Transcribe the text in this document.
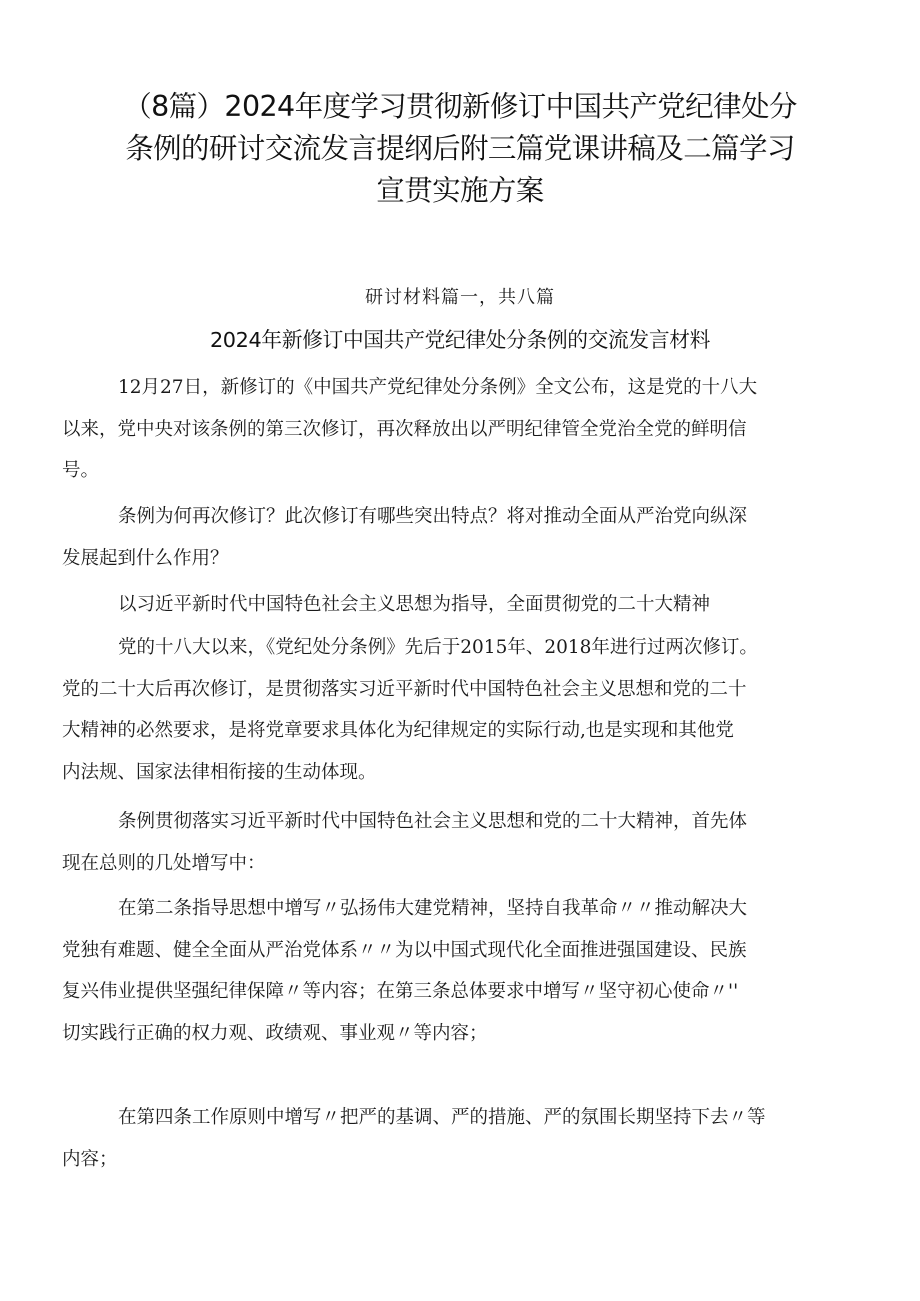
（8篇）2024年度学习贯彻新修订中国共产党纪律处分
条例的研讨交流发言提纲后附三篇党课讲稿及二篇学习
宣贯实施方案
研讨材料篇一，共八篇
2024年新修订中国共产党纪律处分条例的交流发言材料

12月27日，新修订的《中国共产党纪律处分条例》全文公布，这是党的十八大
以来，党中央对该条例的第三次修订，再次释放出以严明纪律管全党治全党的鲜明信
号。

条例为何再次修订？此次修订有哪些突出特点？将对推动全面从严治党向纵深
发展起到什么作用？

以习近平新时代中国特色社会主义思想为指导，全面贯彻党的二十大精神

党的十八大以来，《党纪处分条例》先后于2015年、2018年进行过两次修订。
党的二十大后再次修订，是贯彻落实习近平新时代中国特色社会主义思想和党的二十
大精神的必然要求，是将党章要求具体化为纪律规定的实际行动,也是实现和其他党
内法规、国家法律相衔接的生动体现。

条例贯彻落实习近平新时代中国特色社会主义思想和党的二十大精神，首先体
现在总则的几处增写中：

在第二条指导思想中增写〃弘扬伟大建党精神，坚持自我革命〃〃推动解决大
党独有难题、健全全面从严治党体系〃〃为以中国式现代化全面推进强国建设、民族
复兴伟业提供坚强纪律保障〃等内容；在第三条总体要求中增写〃坚守初心使命〃''
切实践行正确的权力观、政绩观、事业观〃等内容；

在第四条工作原则中增写〃把严的基调、严的措施、严的氛围长期坚持下去〃等
内容；
